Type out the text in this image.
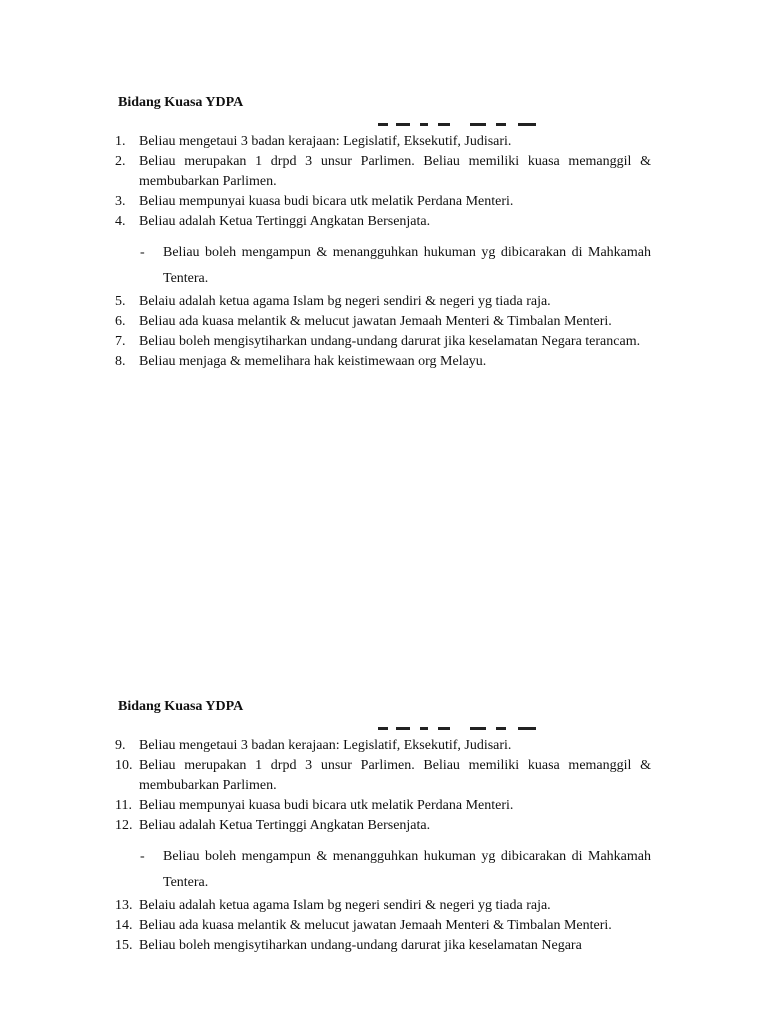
Bidang Kuasa YDPA
1. Beliau mengetaui 3 badan kerajaan: Legislatif, Eksekutif, Judisari.
2. Beliau merupakan 1 drpd 3 unsur Parlimen. Beliau memiliki kuasa memanggil & membubarkan Parlimen.
3. Beliau mempunyai kuasa budi bicara utk melatik Perdana Menteri.
4. Beliau adalah Ketua Tertinggi Angkatan Bersenjata.
- Beliau boleh mengampun & menangguhkan hukuman yg dibicarakan di Mahkamah Tentera.
5. Belaiu adalah ketua agama Islam bg negeri sendiri & negeri yg tiada raja.
6. Beliau ada kuasa melantik & melucut jawatan Jemaah Menteri & Timbalan Menteri.
7. Beliau boleh mengisytiharkan undang-undang darurat jika keselamatan Negara terancam.
8. Beliau menjaga & memelihara hak keistimewaan org Melayu.
Bidang Kuasa YDPA
9. Beliau mengetaui 3 badan kerajaan: Legislatif, Eksekutif, Judisari.
10. Beliau merupakan 1 drpd 3 unsur Parlimen. Beliau memiliki kuasa memanggil & membubarkan Parlimen.
11. Beliau mempunyai kuasa budi bicara utk melatik Perdana Menteri.
12. Beliau adalah Ketua Tertinggi Angkatan Bersenjata.
- Beliau boleh mengampun & menangguhkan hukuman yg dibicarakan di Mahkamah Tentera.
13. Belaiu adalah ketua agama Islam bg negeri sendiri & negeri yg tiada raja.
14. Beliau ada kuasa melantik & melucut jawatan Jemaah Menteri & Timbalan Menteri.
15. Beliau boleh mengisytiharkan undang-undang darurat jika keselamatan Negara
